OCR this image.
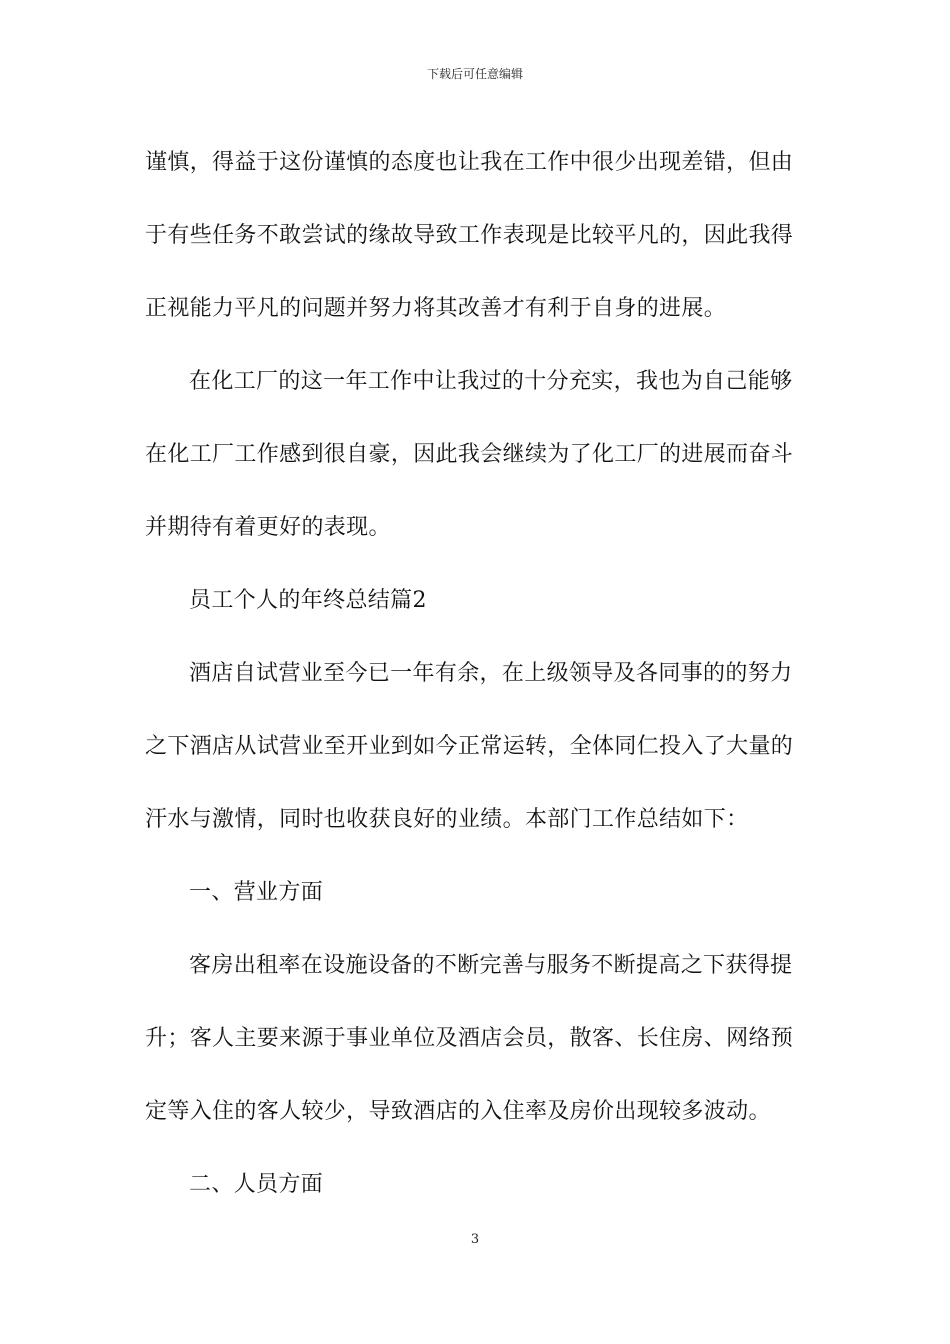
下载后可任意编辑

谨慎，得益于这份谨慎的态度也让我在工作中很少出现差错，但由

于有些任务不敢尝试的缘故导致工作表现是比较平凡的，因此我得

正视能力平凡的问题并努力将其改善才有利于自身的进展。

在化工厂的这一年工作中让我过的十分充实，我也为自己能够

在化工厂工作感到很自豪，因此我会继续为了化工厂的进展而奋斗

并期待有着更好的表现。

员工个人的年终总结篇2

酒店自试营业至今已一年有余，在上级领导及各同事的的努力

之下酒店从试营业至开业到如今正常运转，全体同仁投入了大量的

汗水与激情，同时也收获良好的业绩。本部门工作总结如下：

一、营业方面

客房出租率在设施设备的不断完善与服务不断提高之下获得提

升；客人主要来源于事业单位及酒店会员，散客、长住房、网络预

定等入住的客人较少，导致酒店的入住率及房价出现较多波动。

二、人员方面

3
